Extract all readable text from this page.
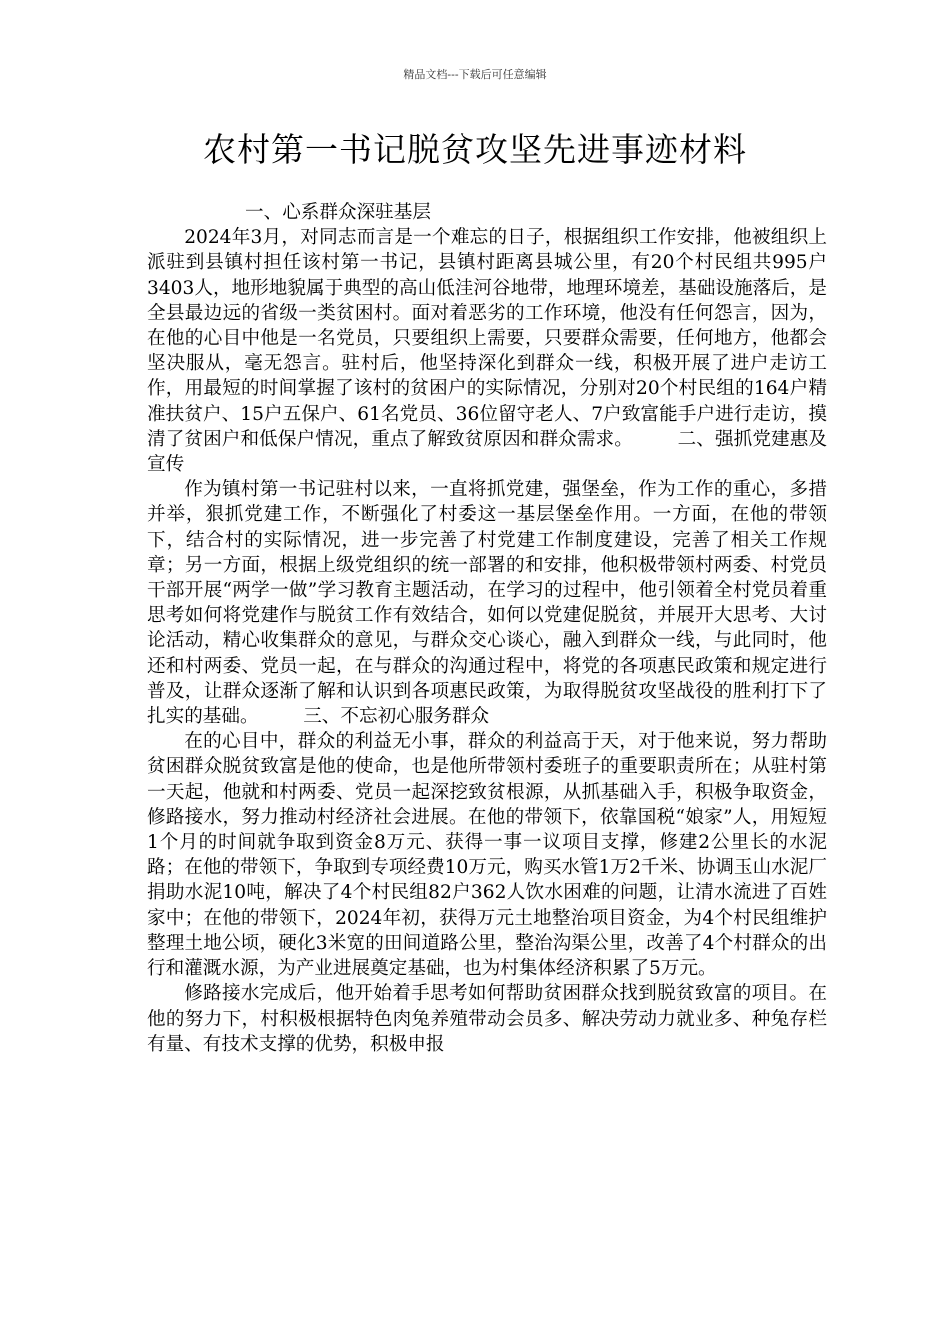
精品文档---下载后可任意编辑
农村第一书记脱贫攻坚先进事迹材料

一、心系群众深驻基层

2024年3月，对同志而言是一个难忘的日子，根据组织工作安排，他被组织上派驻到县镇村担任该村第一书记，县镇村距离县城公里，有20个村民组共995户3403人，地形地貌属于典型的高山低洼河谷地带，地理环境差，基础设施落后，是全县最边远的省级一类贫困村。面对着恶劣的工作环境，他没有任何怨言，因为，在他的心目中他是一名党员，只要组织上需要，只要群众需要，任何地方，他都会坚决服从，毫无怨言。驻村后，他坚持深化到群众一线，积极开展了进户走访工作，用最短的时间掌握了该村的贫困户的实际情况，分别对20个村民组的164户精准扶贫户、15户五保户、61名党员、36位留守老人、7户致富能手户进行走访，摸清了贫困户和低保户情况，重点了解致贫原因和群众需求。 二、强抓党建惠及宣传

作为镇村第一书记驻村以来，一直将抓党建，强堡垒，作为工作的重心，多措并举，狠抓党建工作，不断强化了村委这一基层堡垒作用。一方面，在他的带领下，结合村的实际情况，进一步完善了村党建工作制度建设，完善了相关工作规章；另一方面，根据上级党组织的统一部署的和安排，他积极带领村两委、村党员干部开展“两学一做”学习教育主题活动，在学习的过程中，他引领着全村党员着重思考如何将党建作与脱贫工作有效结合，如何以党建促脱贫，并展开大思考、大讨论活动，精心收集群众的意见，与群众交心谈心，融入到群众一线，与此同时，他还和村两委、党员一起，在与群众的沟通过程中，将党的各项惠民政策和规定进行普及，让群众逐渐了解和认识到各项惠民政策，为取得脱贫攻坚战役的胜利打下了扎实的基础。 三、不忘初心服务群众

在的心目中，群众的利益无小事，群众的利益高于天，对于他来说，努力帮助贫困群众脱贫致富是他的使命，也是他所带领村委班子的重要职责所在；从驻村第一天起，他就和村两委、党员一起深挖致贫根源，从抓基础入手，积极争取资金，修路接水，努力推动村经济社会进展。在他的带领下，依靠国税“娘家”人，用短短1个月的时间就争取到资金8万元、获得一事一议项目支撑，修建2公里长的水泥路；在他的带领下，争取到专项经费10万元，购买水管1万2千米、协调玉山水泥厂捐助水泥10吨，解决了4个村民组82户362人饮水困难的问题，让清水流进了百姓家中；在他的带领下，2024年初，获得万元土地整治项目资金，为4个村民组维护整理土地公顷，硬化3米宽的田间道路公里，整治沟渠公里，改善了4个村群众的出行和灌溉水源，为产业进展奠定基础，也为村集体经济积累了5万元。

修路接水完成后，他开始着手思考如何帮助贫困群众找到脱贫致富的项目。在他的努力下，村积极根据特色肉兔养殖带动会员多、解决劳动力就业多、种兔存栏有量、有技术支撑的优势，积极申报
